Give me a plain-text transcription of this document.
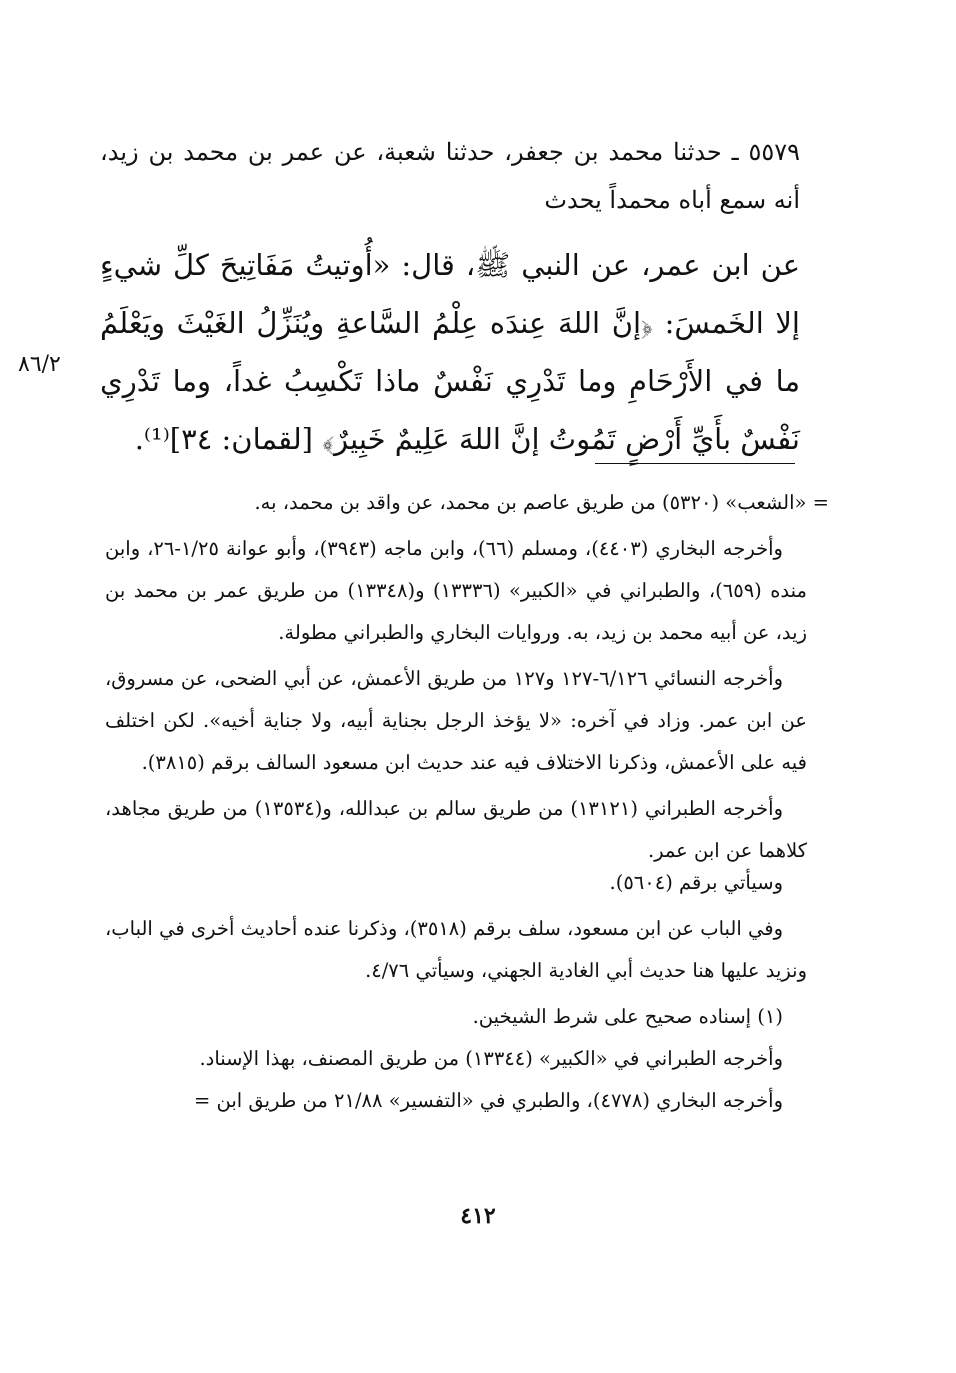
٥٥٧٩ ـ حدثنا محمد بن جعفر، حدثنا شعبة، عن عمر بن محمد بن زيد، أنه سمع أباه محمداً يحدث

عن ابن عمر، عن النبي ﷺ، قال: «أُوتيتُ مَفَاتِيحَ كلِّ شيءٍ إلا الخَمسَ: ﴿إنَّ اللهَ عِندَه عِلْمُ السَّاعةِ ويُنَزِّلُ الغَيْثَ ويَعْلَمُ ما في الأَرْحَامِ وما تَدْرِي نَفْسٌ ماذا تَكْسِبُ غداً، وما تَدْرِي نَفْسٌ بأَيِّ أَرْضٍ تَمُوتُ إنَّ اللهَ عَلِيمٌ خَبِيرٌ﴾ [لقمان: ٣٤]⁽¹⁾.

٨٦/٢

= «الشعب» (٥٣٢٠) من طريق عاصم بن محمد، عن واقد بن محمد، به.

وأخرجه البخاري (٤٤٠٣)، ومسلم (٦٦)، وابن ماجه (٣٩٤٣)، وأبو عوانة ١/٢٥-٢٦، وابن منده (٦٥٩)، والطبراني في «الكبير» (١٣٣٣٦) و(١٣٣٤٨) من طريق عمر بن محمد بن زيد، عن أبيه محمد بن زيد، به. وروايات البخاري والطبراني مطولة.

وأخرجه النسائي ٦/١٢٦-١٢٧ و١٢٧ من طريق الأعمش، عن أبي الضحى، عن مسروق، عن ابن عمر. وزاد في آخره: «لا يؤخذ الرجل بجناية أبيه، ولا جناية أخيه». لكن اختلف فيه على الأعمش، وذكرنا الاختلاف فيه عند حديث ابن مسعود السالف برقم (٣٨١٥).

وأخرجه الطبراني (١٣١٢١) من طريق سالم بن عبدالله، و(١٣٥٣٤) من طريق مجاهد، كلاهما عن ابن عمر.

وسيأتي برقم (٥٦٠٤).

وفي الباب عن ابن مسعود، سلف برقم (٣٥١٨)، وذكرنا عنده أحاديث أخرى في الباب، ونزيد عليها هنا حديث أبي الغادية الجهني، وسيأتي ٤/٧٦.

(١) إسناده صحيح على شرط الشيخين.

وأخرجه الطبراني في «الكبير» (١٣٣٤٤) من طريق المصنف، بهذا الإسناد.

وأخرجه البخاري (٤٧٧٨)، والطبري في «التفسير» ٢١/٨٨ من طريق ابن =

٤١٢
